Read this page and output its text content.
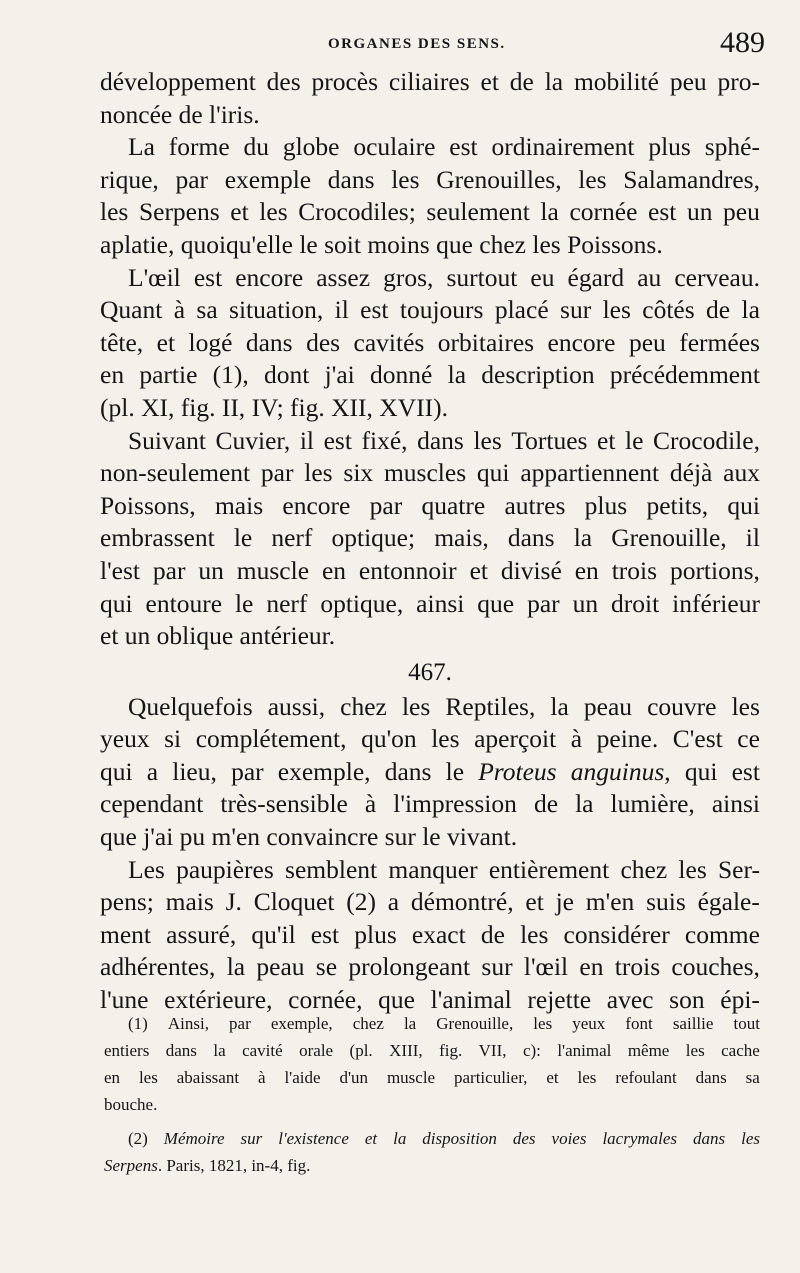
ORGANES DES SENS.	489
développement des procès ciliaires et de la mobilité peu pro-
noncée
de
l'iris.
La forme du globe oculaire est ordinairement plus sphé-
rique, par exemple dans les Grenouilles, les Salamandres,
les Serpens et les Crocodiles; seulement la cornée est un peu
aplatie,
quoiqu'elle
le
soit
moins
que
chez
les
Poissons.
L'œil est encore assez gros, surtout eu égard au cerveau.
Quant à sa situation, il est toujours placé sur les côtés de la
tête, et logé dans des cavités orbitaires encore peu fermées
en partie (1), dont j'ai donné la description précédemment
(pl.
XI,
fig.
II,
IV;
fig.
XII,
XVII).
Suivant Cuvier, il est fixé, dans les Tortues et le Crocodile,
non-seulement par les six muscles qui appartiennent déjà aux
Poissons, mais encore par quatre autres plus petits, qui
embrassent le nerf optique; mais, dans la Grenouille, il
l'est par un muscle en entonnoir et divisé en trois portions,
qui entoure le nerf optique, ainsi que par un droit inférieur
et
un
oblique
antérieur.
467.
Quelquefois aussi, chez les Reptiles, la peau couvre les
yeux si complétement, qu'on les aperçoit à peine. C'est ce
qui a lieu, par exemple, dans le Proteus anguinus, qui est
cependant très-sensible à l'impression de la lumière, ainsi
que
j'ai
pu
m'en
convaincre
sur
le
vivant.
Les paupières semblent manquer entièrement chez les Ser-
pens; mais J. Cloquet (2) a démontré, et je m'en suis égale-
ment assuré, qu'il est plus exact de les considérer comme
adhérentes, la peau se prolongeant sur l'œil en trois couches,
l'une extérieure, cornée, que l'animal rejette avec son épi-
(1) Ainsi, par exemple, chez la Grenouille, les yeux font saillie tout
entiers dans la cavité orale (pl. XIII, fig. VII, c): l'animal même les cache
en les abaissant à l'aide d'un muscle particulier, et les refoulant dans sa
bouche.
(2) Mémoire sur l'existence et la disposition des voies lacrymales dans les
Serpens.
Paris,
1821,
in-4,
fig.
